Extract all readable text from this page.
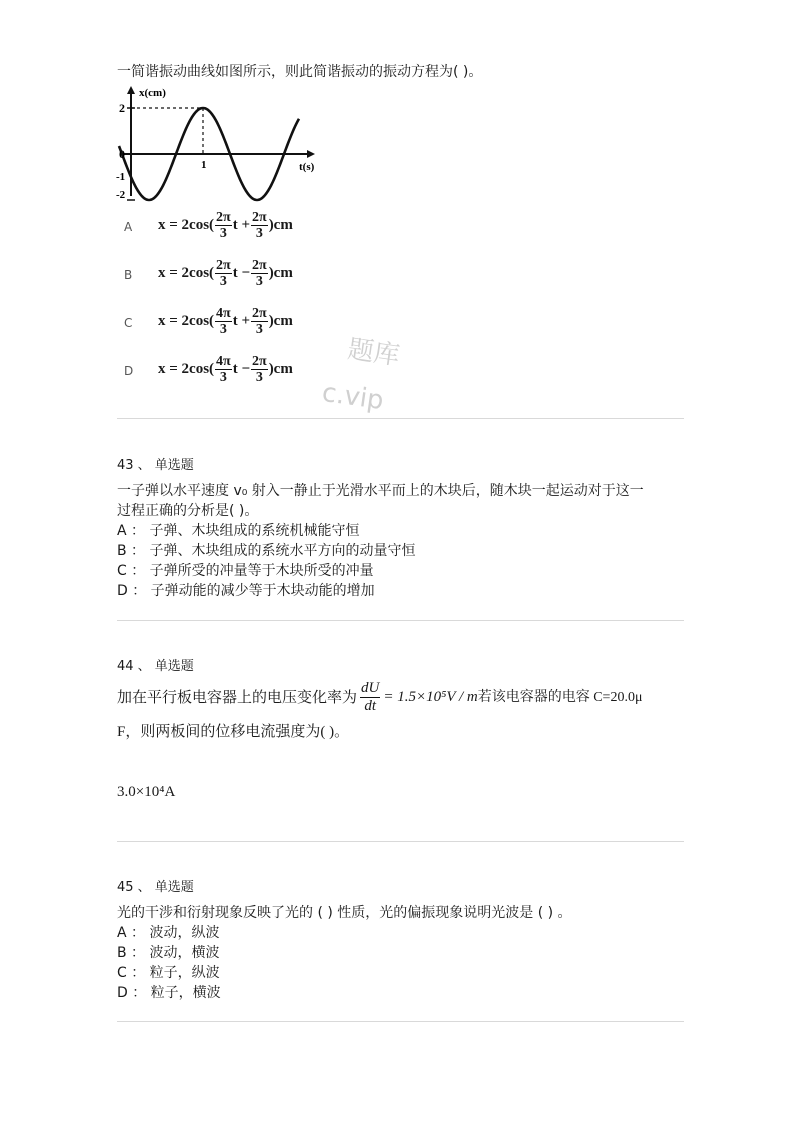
一简谐振动曲线如图所示，则此简谐振动的振动方程为( )。
x(cm)
t(s)
2
0
-1
-2
1
A $x = 2\cos( \frac{2\pi}{3}$ $t + \frac{2\pi}{3} )cm$
B $x = 2\cos( \frac{2\pi}{3}$ $t - \frac{2\pi}{3} )cm$
C $x = 2\cos( \frac{4\pi}{3}$ $t + \frac{2\pi}{3} )cm$
D $x = 2\cos( \frac{4\pi}{3}$ $t - \frac{2\pi}{3} )cm$ 题库
c.vip
43 、 单选题
一子弹以水平速度 v₀ 射入一静止于光滑水平而上的木块后，随木块一起运动对于这一
过程正确的分析是( )。
A ： 子弹、木块组成的系统机械能守恒
B ： 子弹、木块组成的系统水平方向的动量守恒
C ： 子弹所受的冲量等于木块所受的冲量
D ： 子弹动能的减少等于木块动能的增加
44 、 单选题
加在平行板电容器上的电压变化率为 $\frac{dU}{dt} = 1.5\times 10^5V / m$ 若该电容器的电容 C=20.0μ
F，则两板间的位移电流强度为( )。
3.0×10⁴A
45 、 单选题
光的干涉和衍射现象反映了光的 ( ) 性质，光的偏振现象说明光波是 ( ) 。
A ： 波动，纵波
B ： 波动，横波
C ： 粒子，纵波
D ： 粒子，横波
